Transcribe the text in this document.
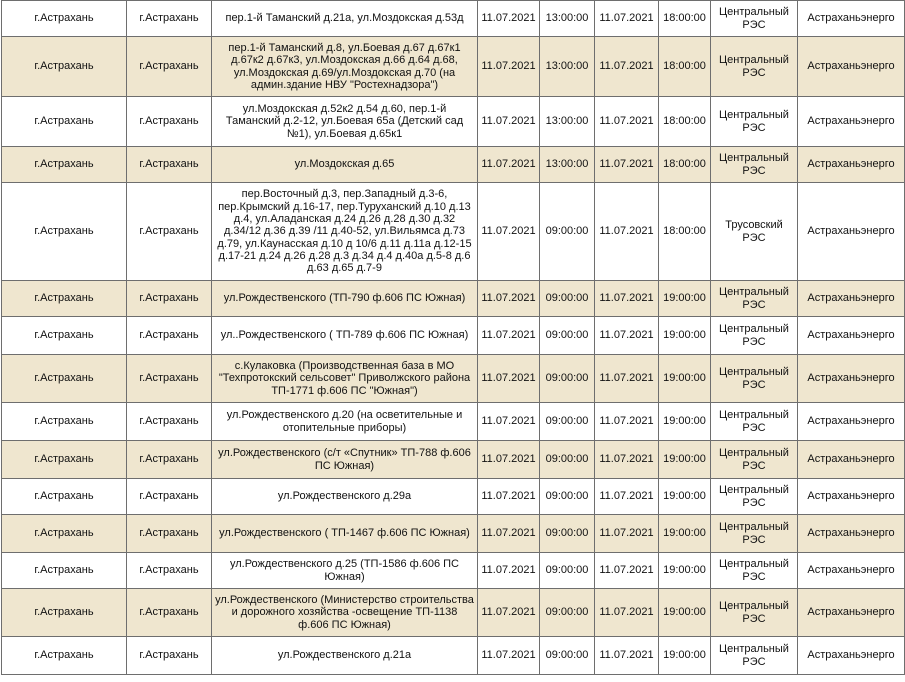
г.Астрахань	г.Астрахань	пер.1-й Таманский д.21а, ул.Моздокская д.53д	11.07.2021	13:00:00	11.07.2021	18:00:00	Центральный РЭС	Астраханьэнерго
г.Астрахань	г.Астрахань	пер.1-й Таманский д.8, ул.Боевая д.67 д.67к1 д.67к2 д.67к3, ул.Моздокская д.66 д.64 д.68, ул.Моздокская д.69/ул.Моздокская д.70 (на админ.здание НВУ "Ростехнадзора")	11.07.2021	13:00:00	11.07.2021	18:00:00	Центральный РЭС	Астраханьэнерго
г.Астрахань	г.Астрахань	ул.Моздокская д.52к2 д.54 д.60, пер.1-й Таманский д.2-12, ул.Боевая 65а (Детский сад №1), ул.Боевая д.65к1	11.07.2021	13:00:00	11.07.2021	18:00:00	Центральный РЭС	Астраханьэнерго
г.Астрахань	г.Астрахань	ул.Моздокская д.65	11.07.2021	13:00:00	11.07.2021	18:00:00	Центральный РЭС	Астраханьэнерго
г.Астрахань	г.Астрахань	пер.Восточный д.3, пер.Западный д.3-6, пер.Крымский д.16-17, пер.Туруханский д.10 д.13 д.4, ул.Аладанская д.24 д.26 д.28 д.30 д.32 д.34/12 д.36 д.39 /11 д.40-52, ул.Вильямса д.73 д.79, ул.Каунасская д.10 д 10/6 д.11 д.11а д.12-15 д.17-21 д.24 д.26 д.28 д.3 д.34 д.4 д.40а д.5-8 д.6 д.63 д.65 д.7-9	11.07.2021	09:00:00	11.07.2021	18:00:00	Трусовский РЭС	Астраханьэнерго
г.Астрахань	г.Астрахань	ул.Рождественского (ТП-790 ф.606 ПС Южная)	11.07.2021	09:00:00	11.07.2021	19:00:00	Центральный РЭС	Астраханьэнерго
г.Астрахань	г.Астрахань	ул..Рождественского ( ТП-789 ф.606 ПС Южная)	11.07.2021	09:00:00	11.07.2021	19:00:00	Центральный РЭС	Астраханьэнерго
г.Астрахань	г.Астрахань	с.Кулаковка (Производственная база в МО "Техпротокский сельсовет" Приволжского района ТП-1771 ф.606 ПС "Южная")	11.07.2021	09:00:00	11.07.2021	19:00:00	Центральный РЭС	Астраханьэнерго
г.Астрахань	г.Астрахань	ул.Рождественского д.20 (на осветительные и отопительные приборы)	11.07.2021	09:00:00	11.07.2021	19:00:00	Центральный РЭС	Астраханьэнерго
г.Астрахань	г.Астрахань	ул.Рождественского (с/т «Спутник» ТП-788 ф.606 ПС Южная)	11.07.2021	09:00:00	11.07.2021	19:00:00	Центральный РЭС	Астраханьэнерго
г.Астрахань	г.Астрахань	ул.Рождественского д.29а	11.07.2021	09:00:00	11.07.2021	19:00:00	Центральный РЭС	Астраханьэнерго
г.Астрахань	г.Астрахань	ул.Рождественского ( ТП-1467 ф.606 ПС Южная)	11.07.2021	09:00:00	11.07.2021	19:00:00	Центральный РЭС	Астраханьэнерго
г.Астрахань	г.Астрахань	ул.Рождественского д.25 (ТП-1586 ф.606 ПС Южная)	11.07.2021	09:00:00	11.07.2021	19:00:00	Центральный РЭС	Астраханьэнерго
г.Астрахань	г.Астрахань	ул.Рождественского (Министерство строительства и дорожного хозяйства -освещение ТП-1138 ф.606 ПС Южная)	11.07.2021	09:00:00	11.07.2021	19:00:00	Центральный РЭС	Астраханьэнерго
г.Астрахань	г.Астрахань	ул.Рождественского д.21а	11.07.2021	09:00:00	11.07.2021	19:00:00	Центральный РЭС	Астраханьэнерго
